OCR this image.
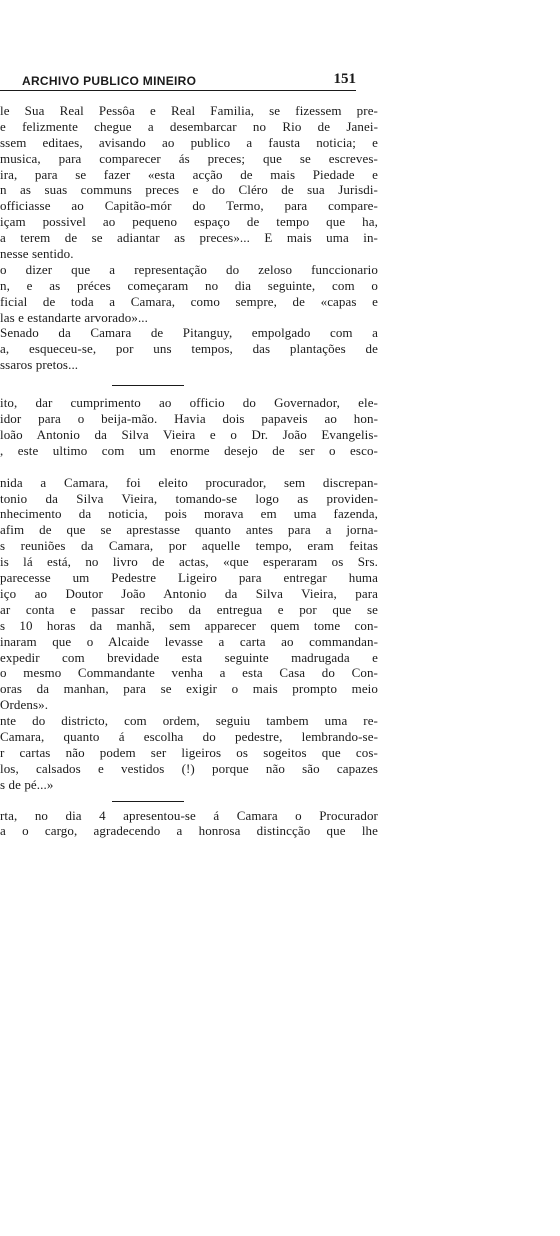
ARCHIVO PUBLICO MINEIRO	151
le Sua Real Pessôa e Real Familia, se fizessem pre-
e felizmente chegue a desembarcar no Rio de Janei-
ssem editaes, avisando ao publico a fausta noticia; e
musica, para comparecer ás preces; que se escreves-
ira, para se fazer «esta acção de mais Piedade e
n as suas communs preces e do Cléro de sua Jurisdi-
officiasse ao Capitão-mór do Termo, para compare-
içam possivel ao pequeno espaço de tempo que ha,
a terem de se adiantar as preces»... E mais uma in-
nesse sentido.
o dizer que a representação do zeloso funccionario
n, e as préces começaram no dia seguinte, com o
ficial de toda a Camara, como sempre, de «capas e
las e estandarte arvorado»...
Senado da Camara de Pitanguy, empolgado com a
a, esqueceu-se, por uns tempos, das plantações de
ssaros pretos...
ito, dar cumprimento ao officio do Governador, ele-
idor para o beija-mão. Havia dois papaveis ao hon-
loão Antonio da Silva Vieira e o Dr. João Evangelis-
, este ultimo com um enorme desejo de ser o esco-
nida a Camara, foi eleito procurador, sem discrepan-
tonio da Silva Vieira, tomando-se logo as providen-
nhecimento da noticia, pois morava em uma fazenda,
afim de que se aprestasse quanto antes para a jorna-
s reuniões da Camara, por aquelle tempo, eram feitas
is lá está, no livro de actas, «que esperaram os Srs.
parecesse um Pedestre Ligeiro para entregar huma
iço ao Doutor João Antonio da Silva Vieira, para
ar conta e passar recibo da entregua e por que se
s 10 horas da manhã, sem apparecer quem tome con-
inaram que o Alcaide levasse a carta ao commandan-
expedir com brevidade esta seguinte madrugada e
o mesmo Commandante venha a esta Casa do Con-
oras da manhan, para se exigir o mais prompto meio
Ordens».
nte do districto, com ordem, seguiu tambem uma re-
Camara, quanto á escolha do pedestre, lembrando-se-
r cartas não podem ser ligeiros os sogeitos que cos-
los, calsados e vestidos (!) porque não são capazes
s de pé...»
rta, no dia 4 apresentou-se á Camara o Procurador
a o cargo, agradecendo a honrosa distincção que lhe
